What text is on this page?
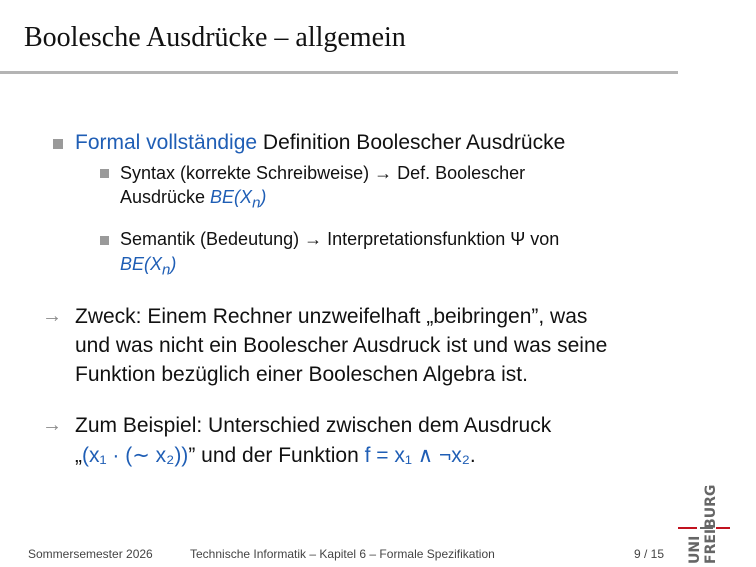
Boolesche Ausdrücke – allgemein
Formal vollständige Definition Boolescher Ausdrücke
Syntax (korrekte Schreibweise) → Def. Boolescher
Ausdrücke $BE(X_n)$
Semantik (Bedeutung) → Interpretationsfunktion Ψ von
$BE(X_n)$
→ Zweck: Einem Rechner unzweifelhaft „beibringen”, was
und was nicht ein Boolescher Ausdruck ist und was seine
Funktion bezüglich einer Booleschen Algebra ist.
→ Zum Beispiel: Unterschied zwischen dem Ausdruck
„(x₁ · (∼ x₂))” und der Funktion f = x₁ ∧ ¬x₂.
Sommersemester 2026	Technische Informatik – Kapitel 6 – Formale Spezifikation	9 / 15 UNI FREIBURG
